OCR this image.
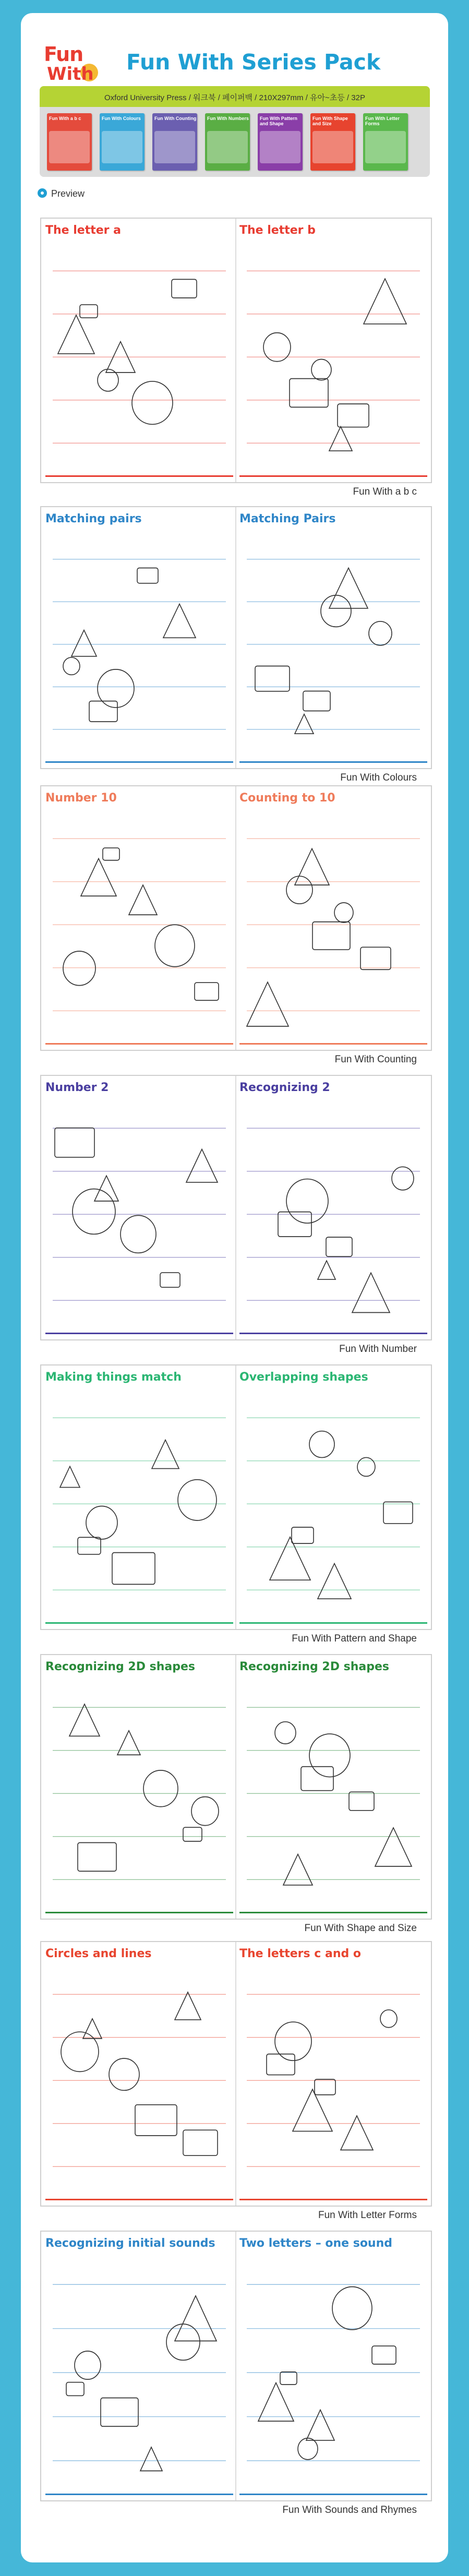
Fun
With Fun With Series Pack
Oxford University Press / 워크북 / 페이퍼백 / 210X297mm / 유아~초등 / 32P
Fun With a b c	Fun With Colours	Fun With Counting Fun With Numbers Fun With Pattern and Shape
Fun With Shape and Size
Fun With Letter Forms
Preview
The letter a	The letter b
Fun With a b c
Matching pairs	Matching Pairs
Fun With Colours
Number 10	Counting to 10
Fun With Counting
Number 2	Recognizing 2
Fun With Number
Making things match	Overlapping shapes
Fun With Pattern and Shape
Recognizing 2D shapes	Recognizing 2D shapes
Fun With Shape and Size
Circles and lines	The letters c and o
Fun With Letter Forms
Recognizing initial sounds Two letters – one sound
Fun With Sounds and Rhymes
